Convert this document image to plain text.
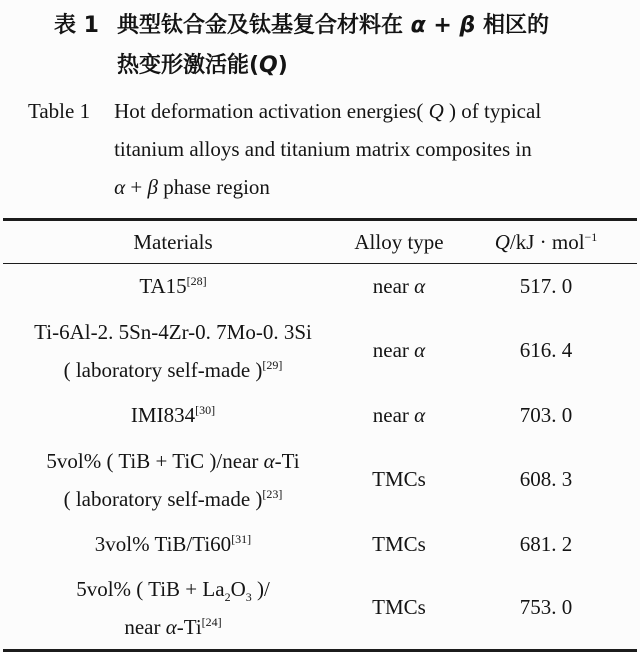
表 1 典型钛合金及钛基复合材料在 α + β 相区的
热变形激活能(Q)
Table 1 Hot deformation activation energies( Q ) of typical
titanium alloys and titanium matrix composites in
α + β phase region
Materials	Alloy type	Q/kJ · mol$^{-1}$

TA15[28]	near α	517. 0

Ti-6Al-2. 5Sn-4Zr-0. 7Mo-0. 3Si
( laboratory self-made )[29]	near α	616. 4

IMI834[30]	near α	703. 0

5vol% ( TiB + TiC )/near α-Ti
( laboratory self-made )[23]	TMCs	608. 3

3vol% TiB/Ti60[31]	TMCs	681. 2

5vol% ( TiB + $La_2O_3$ )/
near α-Ti[24]	TMCs	753. 0
